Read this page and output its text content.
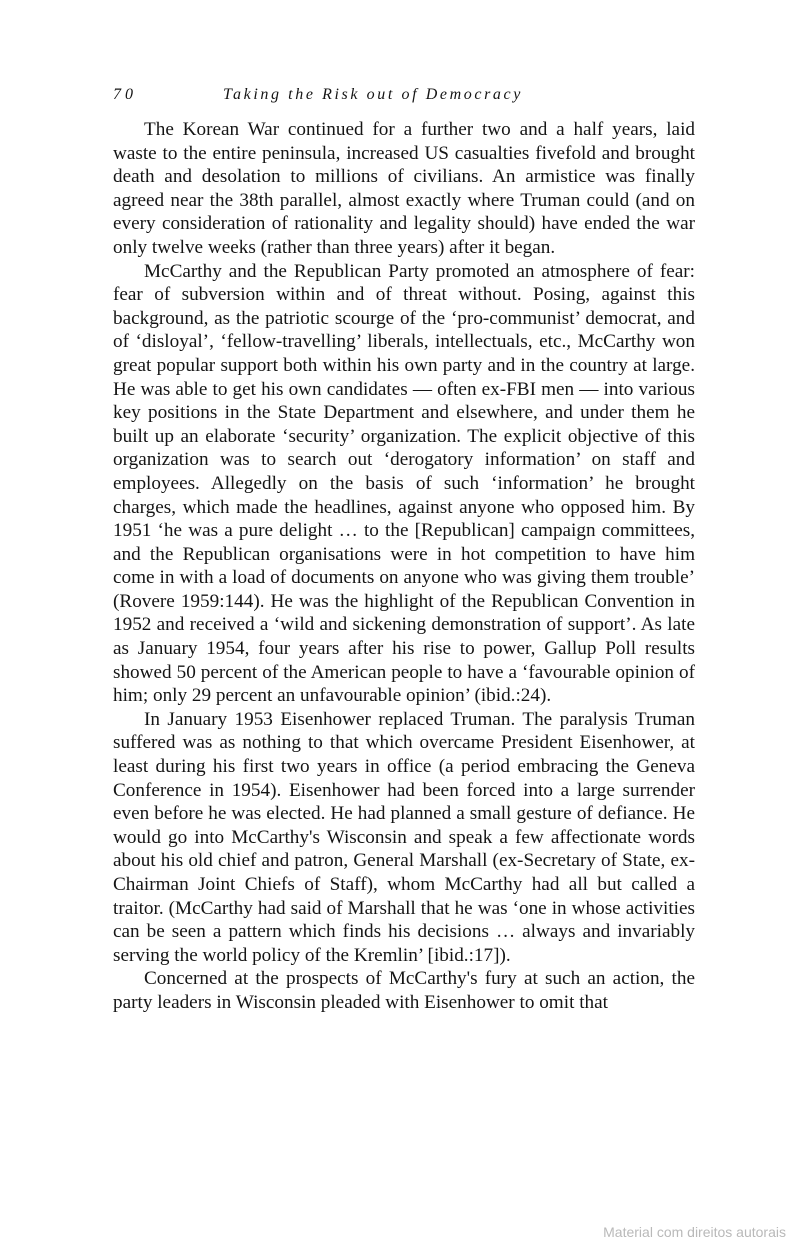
70	Taking the Risk out of Democracy

The Korean War continued for a further two and a half years, laid waste to the entire peninsula, increased US casualties fivefold and brought death and desolation to millions of civilians. An armistice was finally agreed near the 38th parallel, almost exactly where Truman could (and on every consideration of rationality and legality should) have ended the war only twelve weeks (rather than three years) after it began.

McCarthy and the Republican Party promoted an atmosphere of fear: fear of subversion within and of threat without. Posing, against this background, as the patriotic scourge of the ‘pro-communist’ democrat, and of ‘disloyal’, ‘fellow-travelling’ liberals, intellectuals, etc., McCarthy won great popular support both within his own party and in the country at large. He was able to get his own candidates — often ex-FBI men — into various key positions in the State Department and elsewhere, and under them he built up an elaborate ‘security’ organization. The explicit objective of this organization was to search out ‘derogatory information’ on staff and employees. Allegedly on the basis of such ‘information’ he brought charges, which made the headlines, against anyone who opposed him. By 1951 ‘he was a pure delight … to the [Republican] campaign committees, and the Republican organisations were in hot competition to have him come in with a load of documents on anyone who was giving them trouble’ (Rovere 1959:144). He was the highlight of the Republican Convention in 1952 and received a ‘wild and sickening demonstration of support’. As late as January 1954, four years after his rise to power, Gallup Poll results showed 50 percent of the American people to have a ‘favourable opinion of him; only 29 percent an unfavourable opinion’ (ibid.:24).

In January 1953 Eisenhower replaced Truman. The paralysis Truman suffered was as nothing to that which overcame President Eisenhower, at least during his first two years in office (a period embracing the Geneva Conference in 1954). Eisenhower had been forced into a large surrender even before he was elected. He had planned a small gesture of defiance. He would go into McCarthy's Wisconsin and speak a few affectionate words about his old chief and patron, General Marshall (ex-Secretary of State, ex-Chairman Joint Chiefs of Staff), whom McCarthy had all but called a traitor. (McCarthy had said of Marshall that he was ‘one in whose activities can be seen a pattern which finds his decisions … always and invariably serving the world policy of the Kremlin’ [ibid.:17]).

Concerned at the prospects of McCarthy's fury at such an action, the party leaders in Wisconsin pleaded with Eisenhower to omit that

Material com direitos autorais
